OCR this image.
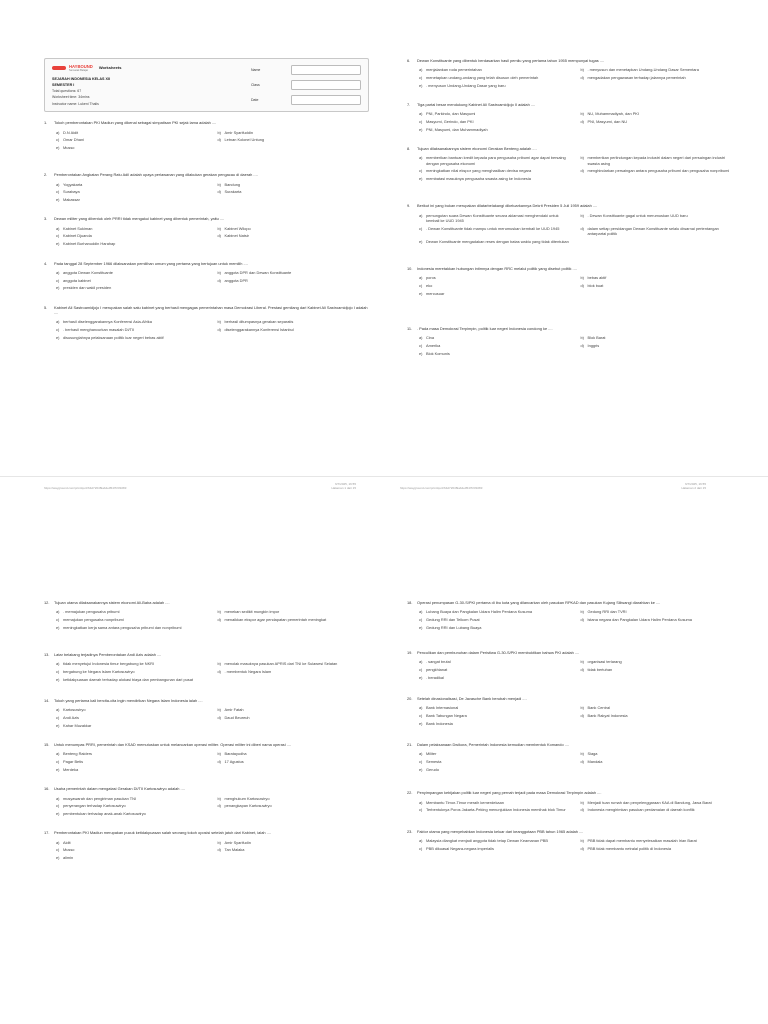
HAYBOUND
Semarak Belajar
Worksheets
SEJARAH INDONESIA KELAS XII
SEMESTER I
Total questions: 67
Worksheet time: 34mins
Instructor name: Lukeni Thalis
Name
Class
Date
1.	Tokoh pemberontakan PKI Madiun yang dikenal sebagai simpatisan PKI sejak lama adalah ....
a) D.N Aidit	b) Amir Syarifuddin
c) Omar Dhani	d) Letnan Kolonel Untung
e) Musso
2.	Pemberontakan Angkatan Perang Ratu Adil adalah upaya perlawanan yang dilakukan gerakan pengacau di daerah ....
a) Yogyakarta	b) Bandung
c) Surabaya	d) Surakarta
e) Makassar
3.	Dewan militer yang dibentuk oleh PRRI tidak mengakui kabinet yang dibentuk pemerintah, yaitu ....
a) Kabinet Sukiman	b) Kabinet Wilopo
c) Kabinet Djuanda	d) Kabinet Natsir
e) Kabinet Burhanuddin Harahap
4.	Pada tanggal 28 September 1966 dilaksanakan pemilihan umum yang pertama yang bertujuan untuk memilih ....
a) anggota Dewan Konstituante	b) anggota DPR dan Dewan Konstituante
c) anggota kabinet	d) anggota DPR
e) presiden dan wakil presiden
5.	Kabinet Ali Sastroamidjojo I merupakan salah satu kabinet yang berhasil mengagas pemerintahan masa Demokrasi Liberal. Prestasi gemilang dari Kabinet Ali Sastroamidjojo I adalah ....
a) berhasil diselenggarakannya Konferensi Asia-Afrika	b) berhasil ditumpasnya gerakan separatis
c) . berhasil menghancurkan masalah DI/TII	d) diselenggarakannya Konferensi Istanbul
e) disusunglahnya pelaksanaan politik luar negeri bebas aktif
6.	Dewan Konstituante yang dibentuk berdasarkan hasil pemilu yang pertama tahun 1955 mempunyai tugas ....
a) menjalankan roda pemerintahan	b) . menyusun dan menetapkan Undang-Undang Dasar Sementara
c) menetapkan undang-undang yang telah disusun oleh pemerintah	d) mengadakan pengawasan terhadap jalannya pemerintah
e) . menyusun Undang-Undang Dasar yang baru
7.	Tiga partai besar mendukung Kabinet Ali Sastroamidjojo II adalah ....
a) PNI, Parkindo, dan Masyumi	b) NU, Muhammadiyah, dan PKI
c) Masyumi, Gerindo, dan PKI	d) PNI, Masyumi, dan NU
e) PNI, Masyumi, dan Muhammadiyah
8.	Tujuan dilaksanakannya sistem ekonomi Gerakan Benteng adalah ....
a) memberikan bantuan kredit kepada para pengusaha pribumi agar dapat bersaing dengan pengusaha ekonomi
b) memberikan perlindungan kepada industri dalam negeri dari persaingan industri swasta asing
c) meningkatkan nilai ekspor yang menghasilkan devisa negara	d) menghindarkan persaingan antara pengusaha pribumi dan pengusaha nonpribumi
e) membatasi masuknya pengusaha swasta asing ke Indonesia
9.	Berikut ini yang bukan merupakan dilatarbelakangi dikeluarkannya Dekrit Presiden 5 Juli 1959 adalah ....
a) pemungutan suara Dewan Konstituante secara aklamasi menghendaki untuk kembali ke UUD 1945
b) . Dewan Konstituante gagal untuk merumuskan UUD baru
c) . Dewan Konstituante tidak mampu untuk merumuskan kembali ke UUD 1945	d) dalam setiap persidangan Dewan Konstituante selalu diwarnai pertentangan antarpartai politik
e) Dewan Konstituante mengadakan reses dengan batas waktu yang tidak ditentukan
10. Indonesia meretakkan hubungan intimnya dengan RRC melalui politik yang disebut politik ....
a) poros	b) bebas aktif
c) eko	d) blok buat
e) mercusuar
11. . Pada masa Demokrasi Terpimpin, politik luar negeri Indonesia condong ke ....
a) Cina	b) Blok Barat
c) Amerika	d) Inggris
e) Blok Komunis
https://wayground.com/print/quiz/64d7264f9ab4e0547b6f1083
6/7/2025, 16:55
Halaman 1 dari 15	https://wayground.com/print/quiz/64d7264f9ab4e0547b6f1083
6/7/2025, 16:55
Halaman 2 dari 15
12. Tujuan utama dilaksanakannya sistem ekonomi Ali-Baba adalah ....
a) . memajukan pengusaha pribumi	b) menekan sedikit mungkin impor
c) memajukan pengusaha nonpribumi	d) menaikkan ekspor agar pendapatan pemerintah meningkat
e) meningkatkan kerja sama antara pengusaha pribumi dan nonpribumi
13. Latar belakang terjadinya Pemberontakan Andi Azis adalah ....
a) tidak menyetujui Indonesia timur bergabung ke NKRI	b) menolak masuknya pasukan APRIS dari TNI ke Sulawesi Selatan
c) bergabung ke Negara Islam Kartosuwiryo	d) . membentuk Negara Islam
e) ketidakpuasan daerah terhadap alokasi biaya dan pembangunan dari pusat
14. Tokoh yang pertama kali bercita-cita ingin mendirikan Negara Islam Indonesia ialah ....
a) Kartosuwiryo	b) Amir Fatah
c) Andi Azis	d) Daud Beureuh
e) Kahar Muzakkar
15. Untuk menumpas PRRI, pemerintah dan KSAD memutuskan untuk melancarkan operasi militer. Operasi militer ini diberi nama operasi ....
a) Benteng Raiders	b) Baratayudha
c) Pagar Betis	d) 17 Agustus
e) Merdeka
16. Usaha pemerintah dalam mengatasi Gerakan DI/TII Kartosuwiryo adalah ....
a) musyawarah dan pengiriman pasukan TNI	b) menghukum Kartosuwiryo
c) penyerangan terhadap Kartosuwiryo	d) penangkapan Kartosuwiryo
e) pembentukan terhadap anak-anak Kartosuwiryo
17. Pemberontakan PKI Madiun merupakan pucuk ketidakpuasan salah seorang tokoh oposisi setelah jatuh dari Kabinet, ialah ....
a) Aidit	b) Amir Syarifudin
c) Musso	d) Tan Malaka
e) alimin
18. Operasi penumpasan G-30-S/PKI pertama di ibu kota yang dilancarkan oleh pasukan RPKAD dan pasukan Kujang Siliwangi diarahkan ke ....
a) Lubang Buaya dan Pangkalan Udara Halim Perdana Kusuma	b) Gedung RRI dan TVRI
c) Gedung RRI dan Telkom Pusat	d) lstana negara dan Pangkalan Udara Halim Perdana Kusuma
e) Gedung RRI dan Lubang Buaya
19. Penculikan dan pembunuhan dalam Peristiwa G-30-S/PKI membuktikan bahwa PKI adalah ....
a) . sangat brutal	b) organisasi terlarang
c) pengkhianat	d) tidak bertuhan
e) . beradikal
20. Setelah dinasionalisasi, De Javasche Bank berubah menjadi ....
a) Bank Internasional	b) Bank Central
c) Bank Tabungan Negara	d) Bank Rakyat Indonesia
e) Bank Indonesia
21. Dalam pelaksanaan Dwikora, Pemerintah Indonesia kemudian membentuk Komando ....
a) Militer	b) Siaga
c) Semesta	d) Mandala
e) Gerudo
22. Penyimpangan kebijakan politik luar negeri yang pernah terjadi pada masa Demokrasi Terpimpin adalah ....
a) Membantu Timor-Timur meraih kemerdekaan	b) Menjadi tuan rumah dan penyelenggaraan KAA di Bandung, Jawa Barat
c) Terbentuknya Poros Jakarta-Peking menunjukkan Indonesia memihak blok Timur	d) Indonesia mengirimkan pasukan perdamaian di daerah konflik
23. Faktor utama yang menyebabkan Indonesia keluar dari keanggotaan PBB tahun 1965 adalah ....
a) Malaysia diangkat menjadi anggota tidak tetap Dewan Keamanan PBB	b) PBB tidak dapat membantu menyelesaikan masalah Irian Barat
c) PBB dikuasai Negara-negara imperialis	d) PBB tidak membantu netralal politik di Indonesia
